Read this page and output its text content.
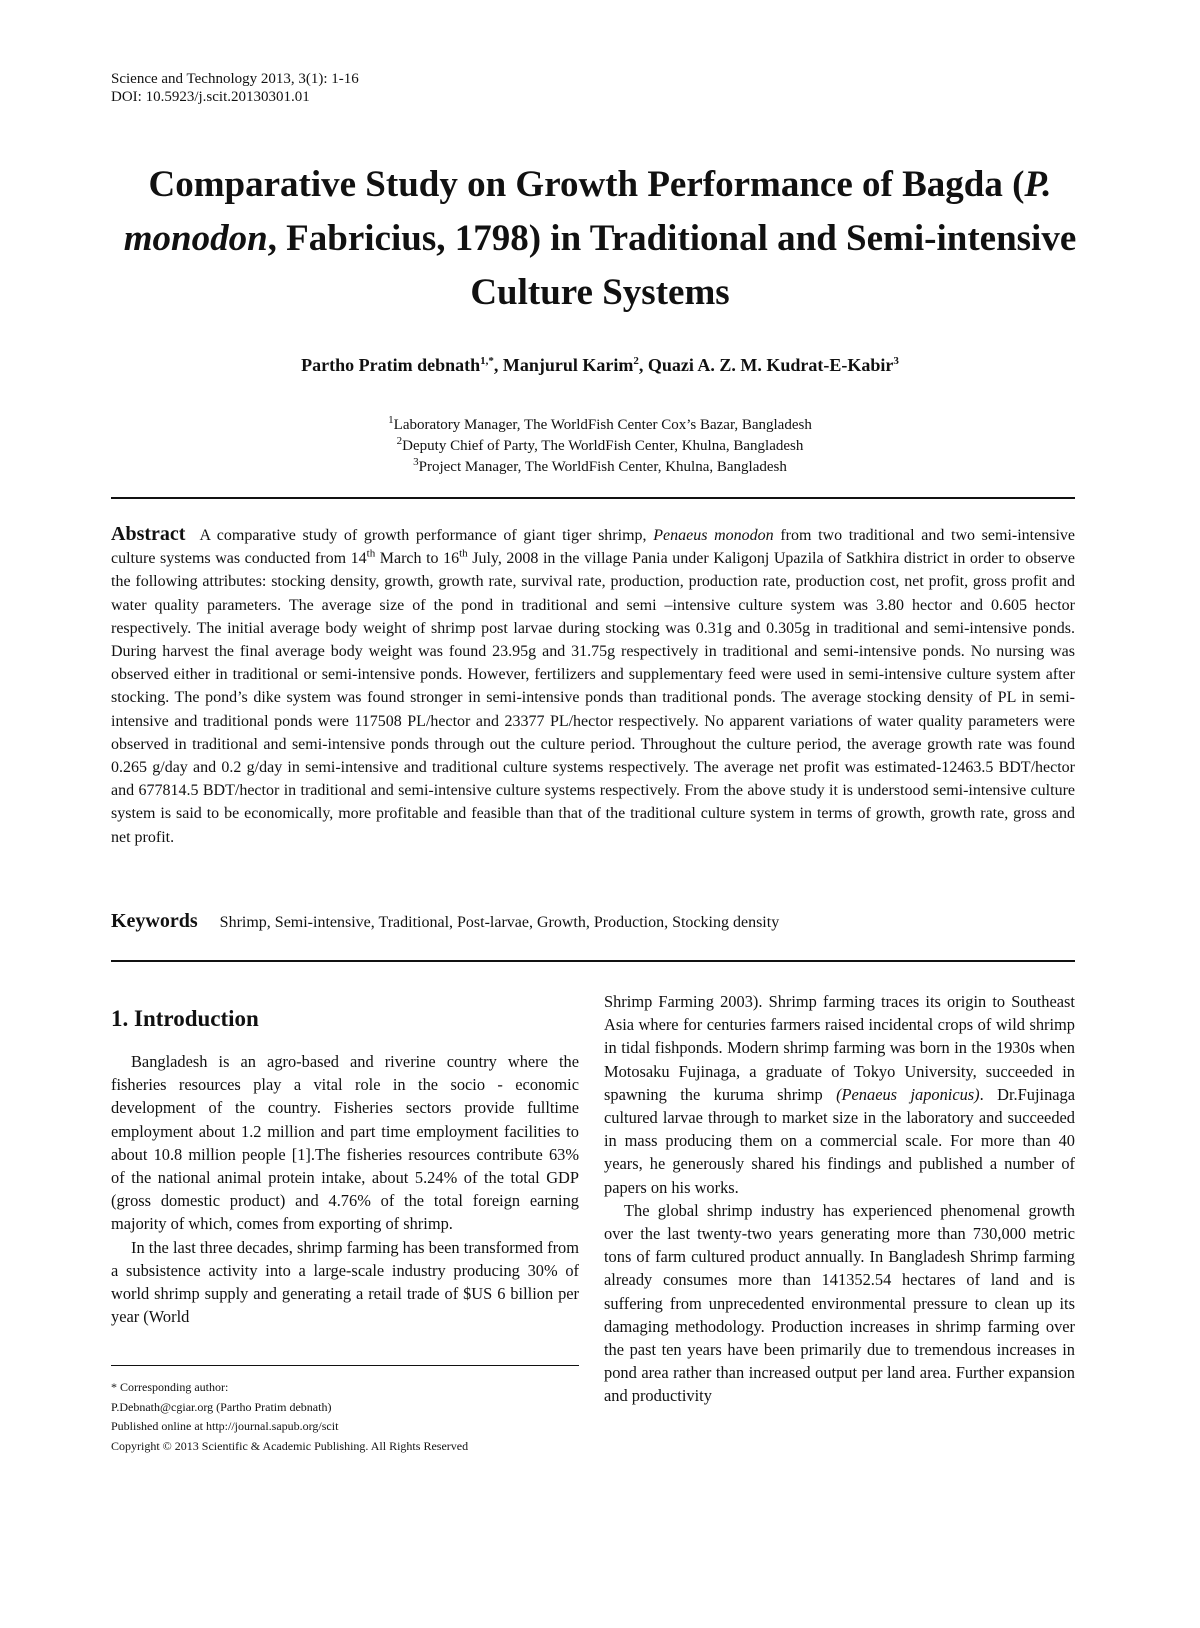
Science and Technology 2013, 3(1): 1-16
DOI: 10.5923/j.scit.20130301.01
Comparative Study on Growth Performance of Bagda (P. monodon, Fabricius, 1798) in Traditional and Semi-intensive Culture Systems
Partho Pratim debnath$^{1,*}$, Manjurul Karim$^2$, Quazi A. Z. M. Kudrat-E-Kabir$^3$
$^1$Laboratory Manager, The WorldFish Center Cox’s Bazar, Bangladesh
$^2$Deputy Chief of Party, The WorldFish Center, Khulna, Bangladesh
$^3$Project Manager, The WorldFish Center, Khulna, Bangladesh
Abstract A comparative study of growth performance of giant tiger shrimp, Penaeus monodon from two traditional and two semi-intensive culture systems was conducted from 14th March to 16th July, 2008 in the village Pania under Kaligonj Upazila of Satkhira district in order to observe the following attributes: stocking density, growth, growth rate, survival rate, production, production rate, production cost, net profit, gross profit and water quality parameters. The average size of the pond in traditional and semi –intensive culture system was 3.80 hector and 0.605 hector respectively. The initial average body weight of shrimp post larvae during stocking was 0.31g and 0.305g in traditional and semi-intensive ponds. During harvest the final average body weight was found 23.95g and 31.75g respectively in traditional and semi-intensive ponds. No nursing was observed either in traditional or semi-intensive ponds. However, fertilizers and supplementary feed were used in semi-intensive culture system after stocking. The pond’s dike system was found stronger in semi-intensive ponds than traditional ponds. The average stocking density of PL in semi-intensive and traditional ponds were 117508 PL/hector and 23377 PL/hector respectively. No apparent variations of water quality parameters were observed in traditional and semi-intensive ponds through out the culture period. Throughout the culture period, the average growth rate was found 0.265 g/day and 0.2 g/day in semi-intensive and traditional culture systems respectively. The average net profit was estimated-12463.5 BDT/hector and 677814.5 BDT/hector in traditional and semi-intensive culture systems respectively. From the above study it is understood semi-intensive culture system is said to be economically, more profitable and feasible than that of the traditional culture system in terms of growth, growth rate, gross and net profit.
Keywords Shrimp, Semi-intensive, Traditional, Post-larvae, Growth, Production, Stocking density
1. Introduction

Bangladesh is an agro-based and riverine country where the fisheries resources play a vital role in the socio - economic development of the country. Fisheries sectors provide fulltime employment about 1.2 million and part time employment facilities to about 10.8 million people [1].The fisheries resources contribute 63% of the national animal protein intake, about 5.24% of the total GDP (gross domestic product) and 4.76% of the total foreign earning majority of which, comes from exporting of shrimp.

In the last three decades, shrimp farming has been transformed from a subsistence activity into a large-scale industry producing 30% of world shrimp supply and generating a retail trade of $US 6 billion per year (World

* Corresponding author:
P.Debnath@cgiar.org (Partho Pratim debnath)
Published online at http://journal.sapub.org/scit
Copyright © 2013 Scientific & Academic Publishing. All Rights Reserved

Shrimp Farming 2003). Shrimp farming traces its origin to Southeast Asia where for centuries farmers raised incidental crops of wild shrimp in tidal fishponds. Modern shrimp farming was born in the 1930s when Motosaku Fujinaga, a graduate of Tokyo University, succeeded in spawning the kuruma shrimp (Penaeus japonicus). Dr.Fujinaga cultured larvae through to market size in the laboratory and succeeded in mass producing them on a commercial scale. For more than 40 years, he generously shared his findings and published a number of papers on his works.

The global shrimp industry has experienced phenomenal growth over the last twenty-two years generating more than 730,000 metric tons of farm cultured product annually. In Bangladesh Shrimp farming already consumes more than 141352.54 hectares of land and is suffering from unprecedented environmental pressure to clean up its damaging methodology. Production increases in shrimp farming over the past ten years have been primarily due to tremendous increases in pond area rather than increased output per land area. Further expansion and productivity
